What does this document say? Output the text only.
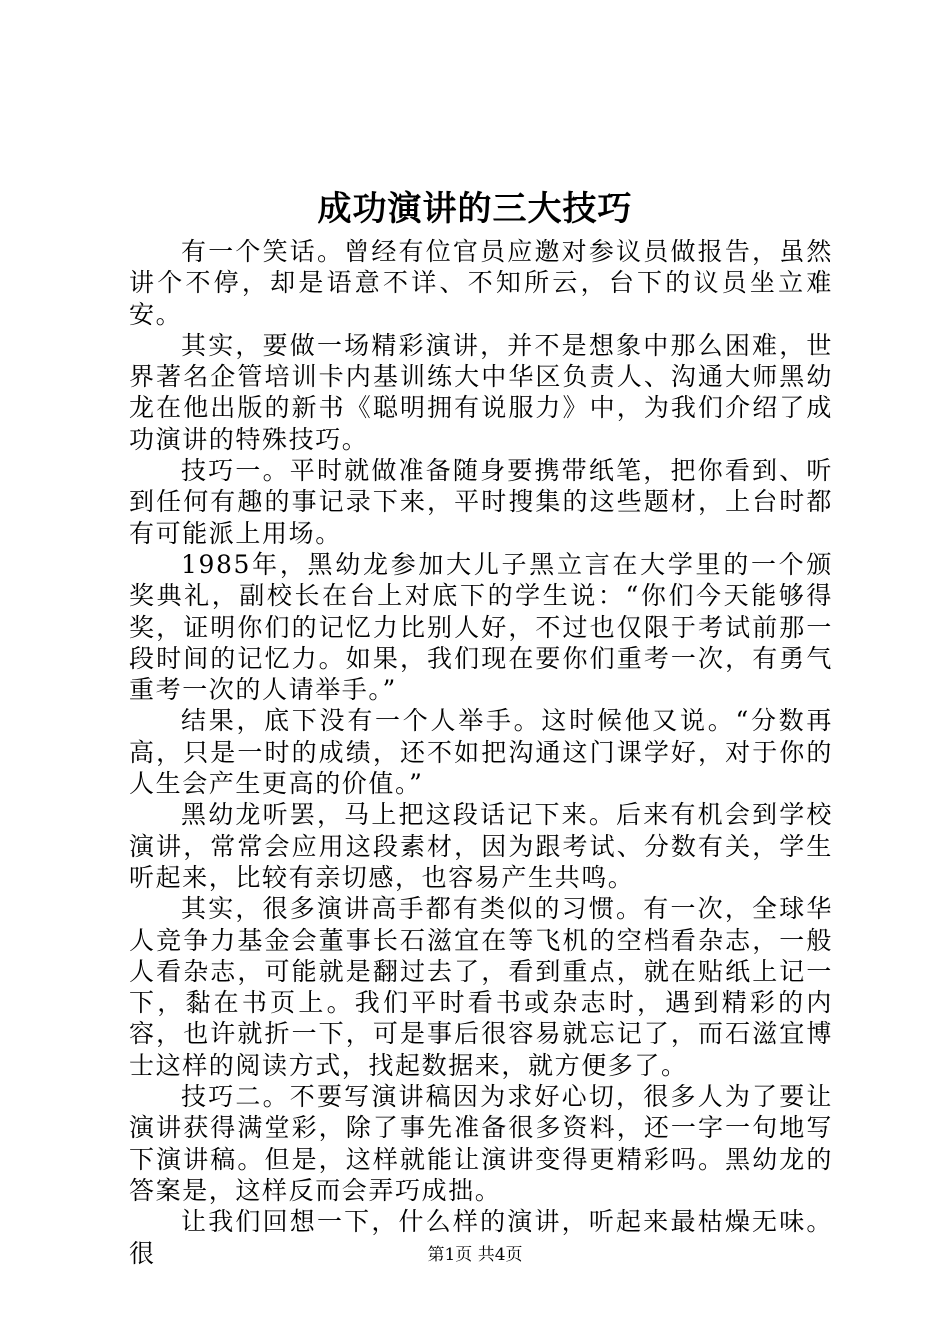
成功演讲的三大技巧

有一个笑话。曾经有位官员应邀对参议员做报告，虽然讲个不停，却是语意不详、不知所云，台下的议员坐立难安。

其实，要做一场精彩演讲，并不是想象中那么困难，世界著名企管培训卡内基训练大中华区负责人、沟通大师黑幼龙在他出版的新书《聪明拥有说服力》中，为我们介绍了成功演讲的特殊技巧。

技巧一。平时就做准备随身要携带纸笔，把你看到、听到任何有趣的事记录下来，平时搜集的这些题材，上台时都有可能派上用场。

1985年，黑幼龙参加大儿子黑立言在大学里的一个颁奖典礼，副校长在台上对底下的学生说：“你们今天能够得奖，证明你们的记忆力比别人好，不过也仅限于考试前那一段时间的记忆力。如果，我们现在要你们重考一次，有勇气重考一次的人请举手。”

结果，底下没有一个人举手。这时候他又说。“分数再高，只是一时的成绩，还不如把沟通这门课学好，对于你的人生会产生更高的价值。”

黑幼龙听罢，马上把这段话记下来。后来有机会到学校演讲，常常会应用这段素材，因为跟考试、分数有关，学生听起来，比较有亲切感，也容易产生共鸣。

其实，很多演讲高手都有类似的习惯。有一次，全球华人竞争力基金会董事长石滋宜在等飞机的空档看杂志，一般人看杂志，可能就是翻过去了，看到重点，就在贴纸上记一下，黏在书页上。我们平时看书或杂志时，遇到精彩的内容，也许就折一下，可是事后很容易就忘记了，而石滋宜博士这样的阅读方式，找起数据来，就方便多了。

技巧二。不要写演讲稿因为求好心切，很多人为了要让演讲获得满堂彩，除了事先准备很多资料，还一字一句地写下演讲稿。但是，这样就能让演讲变得更精彩吗。黑幼龙的答案是，这样反而会弄巧成拙。

让我们回想一下，什么样的演讲，听起来最枯燥无味。很	第1页 共4页
